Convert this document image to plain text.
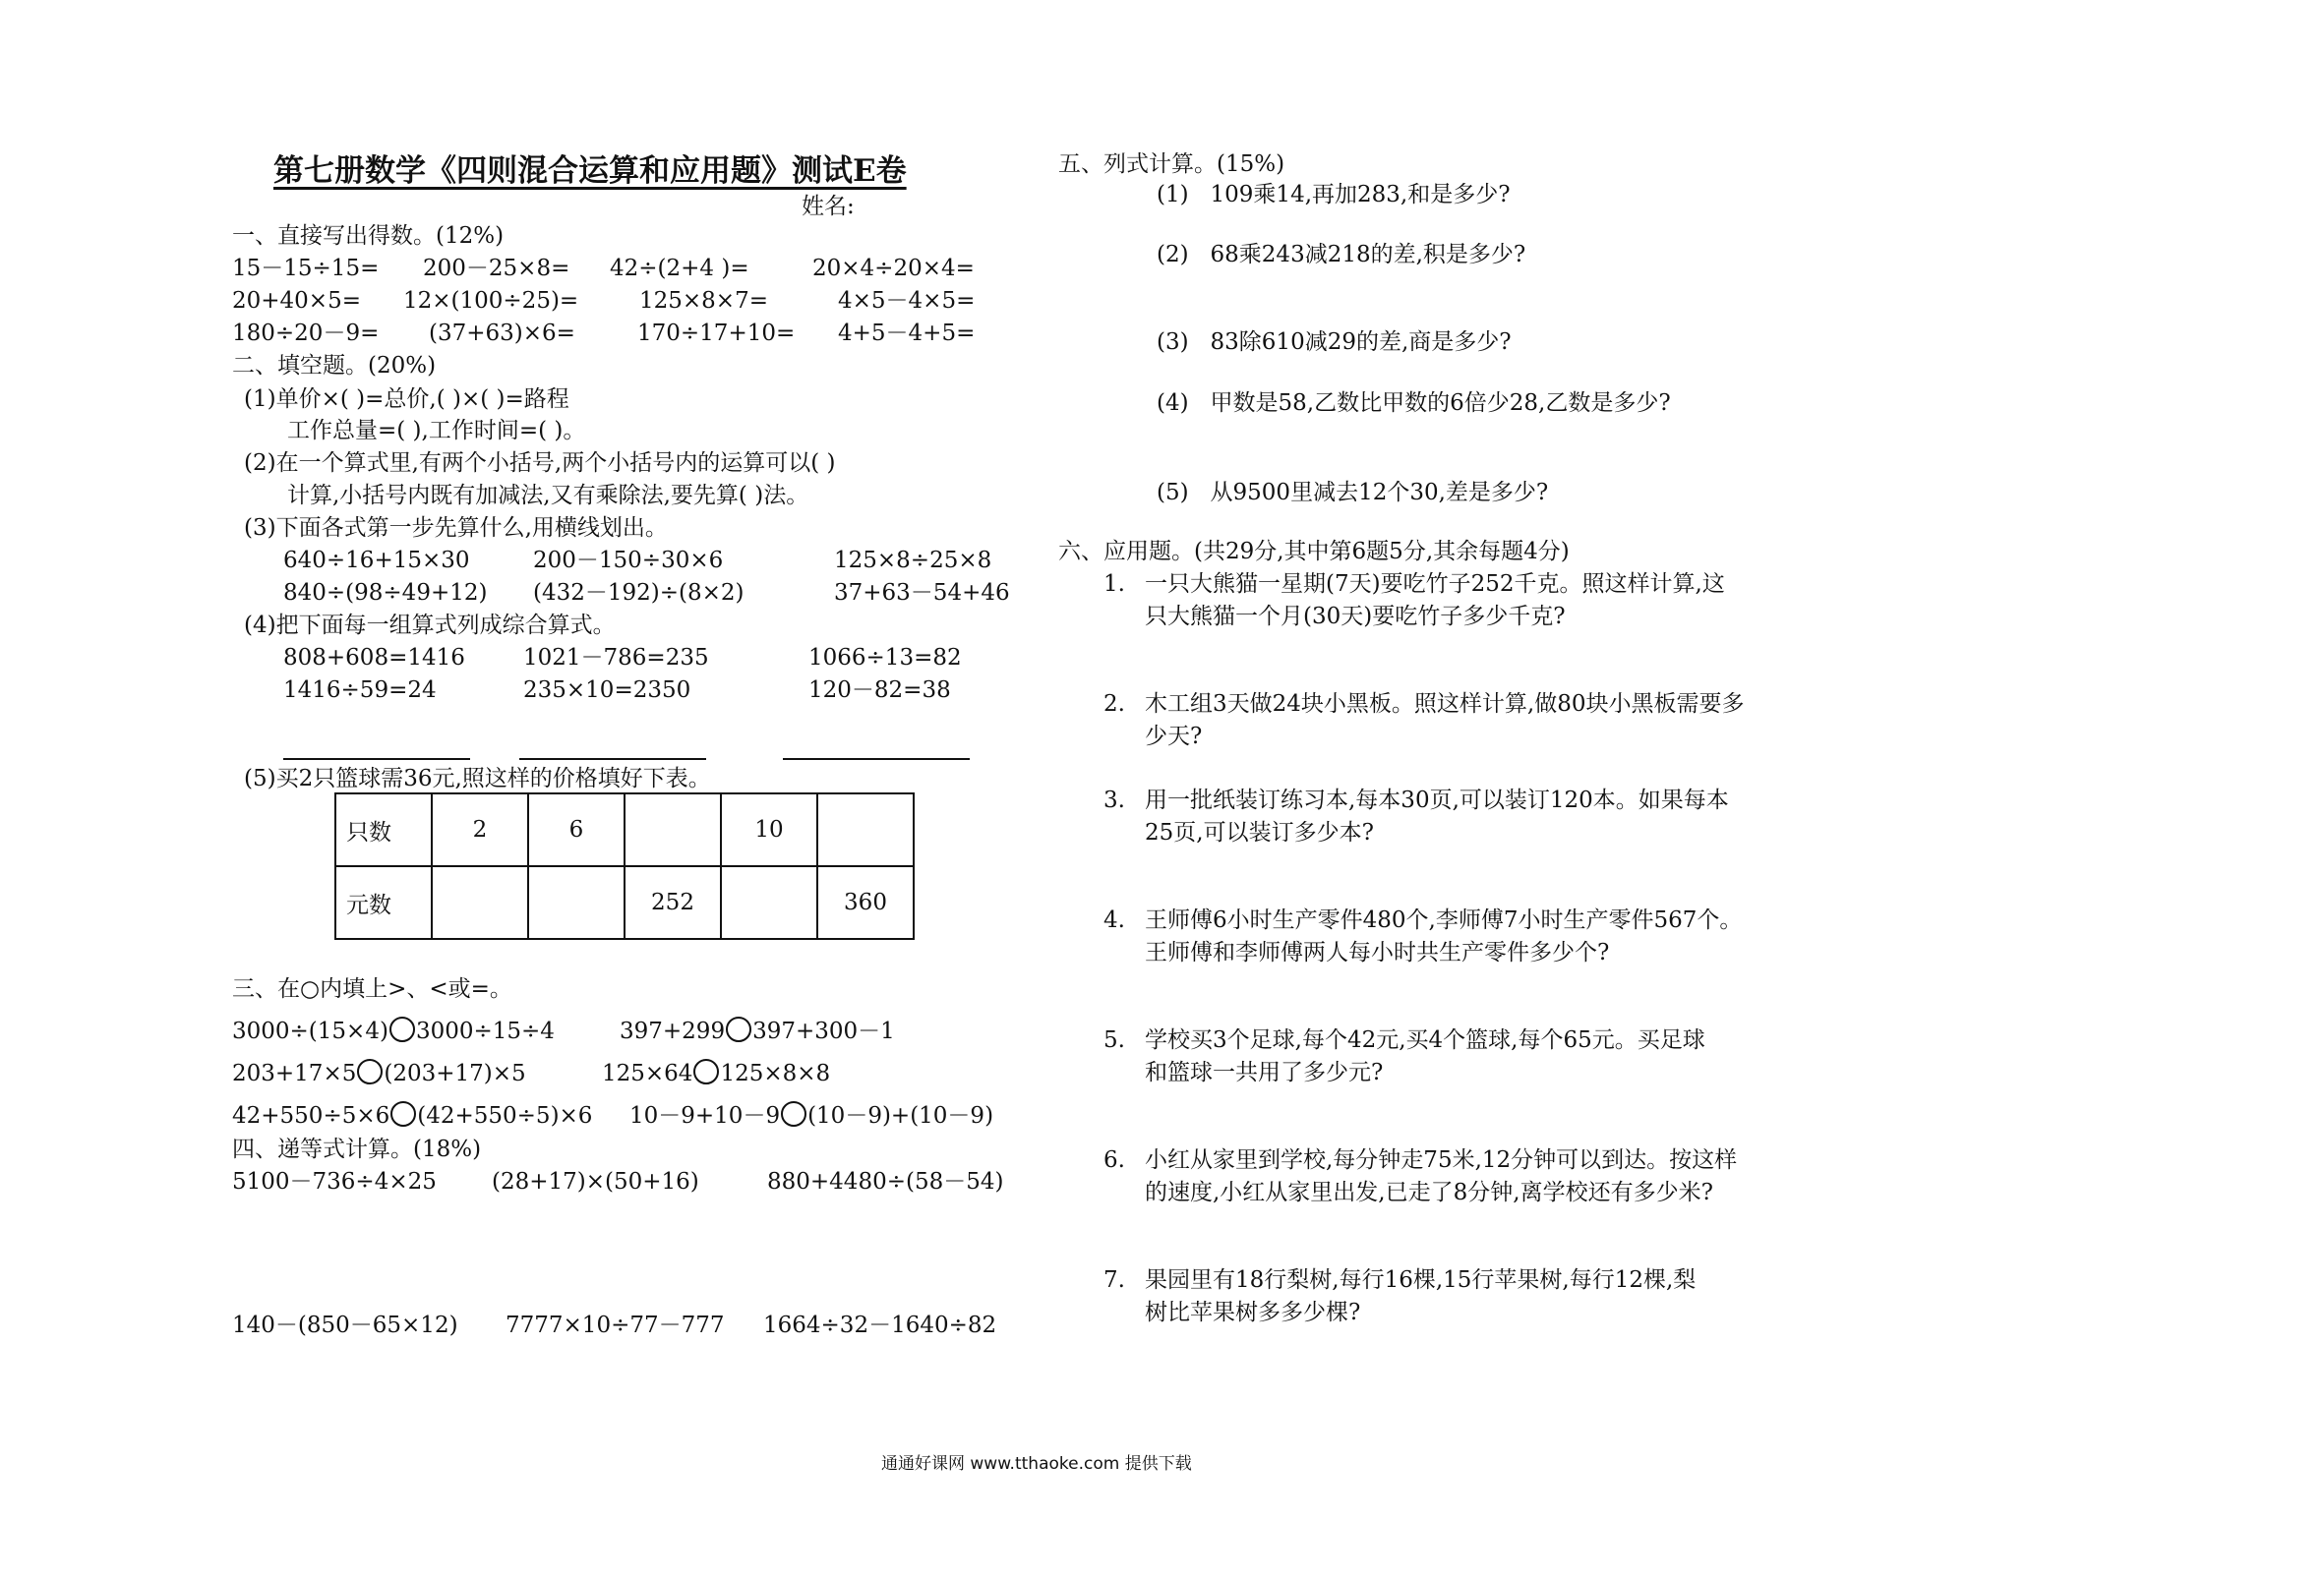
第七册数学《四则混合运算和应用题》测试E卷
姓名:
一、直接写出得数。(12%)
15－15÷15= 200－25×8= 42÷(2+4 )=	20×4÷20×4=
20+40×5= 12×(100÷25)=	125×8×7=	4×5－4×5=
180÷20－9= (37+63)×6=	170÷17+10= 4+5－4+5=
二、填空题。(20%)
(1)单价×( )=总价,( )×( )=路程
工作总量=( ),工作时间=( )。
(2)在一个算式里,有两个小括号,两个小括号内的运算可以( )
计算,小括号内既有加减法,又有乘除法,要先算( )法。
(3)下面各式第一步先算什么,用横线划出。
640÷16+15×30	200－150÷30×6	125×8÷25×8
840÷(98÷49+12) (432－192)÷(8×2)	37+63－54+46
(4)把下面每一组算式列成综合算式。
808+608=1416	1021－786=235	1066÷13=82
1416÷59=24	235×10=2350	120－82=38
(5)买2只篮球需36元,照这样的价格填好下表。
只数	2	6		10	
元数			252		360
三、在○内填上>、<或=。
3000÷(15×4) 3000÷15÷4	397+299 397+300－1
203+17×5 (203+17)×5	125×64 125×8×8
42+550÷5×6 (42+550÷5)×6 10－9+10－9 (10－9)+(10－9)
四、递等式计算。(18%)
5100－736÷4×25 (28+17)×(50+16)	880+4480÷(58－54)
140－(850－65×12) 7777×10÷77－777 1664÷32－1640÷82
五、列式计算。(15%)
(1) 109乘14,再加283,和是多少?
(2) 68乘243减218的差,积是多少?
(3) 83除610减29的差,商是多少?
(4) 甲数是58,乙数比甲数的6倍少28,乙数是多少?
(5) 从9500里减去12个30,差是多少?
六、应用题。(共29分,其中第6题5分,其余每题4分)
1. 一只大熊猫一星期(7天)要吃竹子252千克。照这样计算,这
只大熊猫一个月(30天)要吃竹子多少千克?
2. 木工组3天做24块小黑板。照这样计算,做80块小黑板需要多
少天?
3. 用一批纸装订练习本,每本30页,可以装订120本。如果每本
25页,可以装订多少本?
4. 王师傅6小时生产零件480个,李师傅7小时生产零件567个。
王师傅和李师傅两人每小时共生产零件多少个?
5. 学校买3个足球,每个42元,买4个篮球,每个65元。买足球
和篮球一共用了多少元?
6. 小红从家里到学校,每分钟走75米,12分钟可以到达。按这样
的速度,小红从家里出发,已走了8分钟,离学校还有多少米?
7. 果园里有18行梨树,每行16棵,15行苹果树,每行12棵,梨
树比苹果树多多少棵?
通通好课网 www.tthaoke.com 提供下载
